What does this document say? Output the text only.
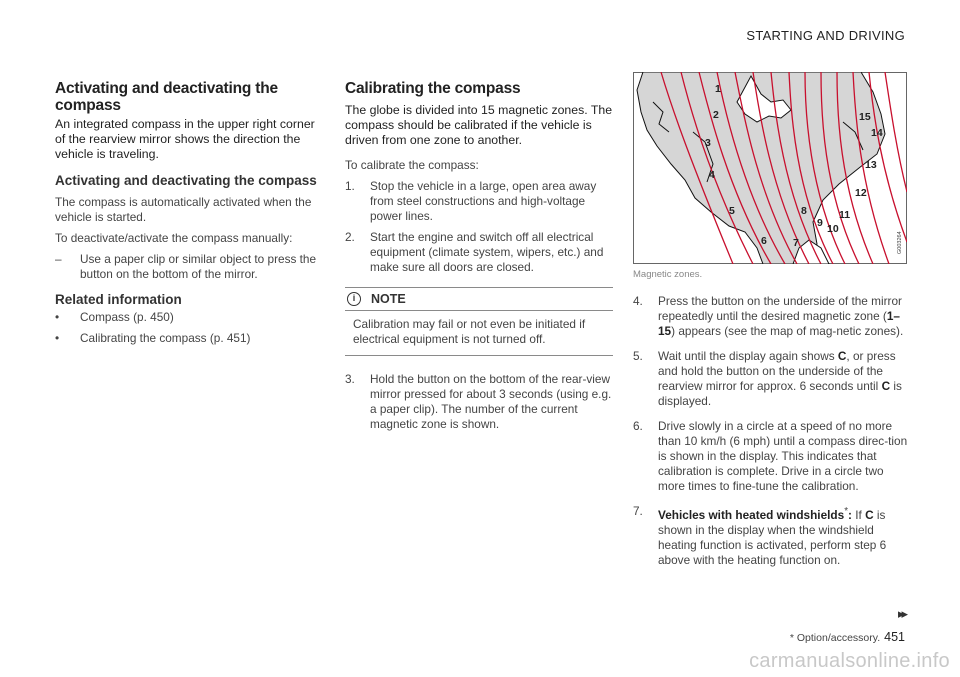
STARTING AND DRIVING
Activating and deactivating the compass
An integrated compass in the upper right corner of the rearview mirror shows the direction the vehicle is traveling.
Activating and deactivating the compass

The compass is automatically activated when the vehicle is started.

To deactivate/activate the compass manually:

–	Use a paper clip or similar object to press the button on the bottom of the mirror.
Related information
•	Compass (p. 450)
•	Calibrating the compass (p. 451)
Calibrating the compass
The globe is divided into 15 magnetic zones. The compass should be calibrated if the vehicle is driven from one zone to another.

To calibrate the compass:

1.	Stop the vehicle in a large, open area away from steel constructions and high-voltage power lines.
2.	Start the engine and switch off all electrical equipment (climate system, wipers, etc.) and make sure all doors are closed.
i	NOTE
Calibration may fail or not even be initiated if electrical equipment is not turned off.
3.	Hold the button on the bottom of the rear-view mirror pressed for about 3 seconds (using e.g. a paper clip). The number of the current magnetic zone is shown.
1
2
3
4
5
6 7
8
9 10
11
12
13
14
15
G003264
Magnetic zones.
4.	Press the button on the underside of the mirror repeatedly until the desired magnetic zone (1–15) appears (see the map of mag-netic zones).
5.	Wait until the display again shows C, or press and hold the button on the underside of the rearview mirror for approx. 6 seconds until C is displayed.
6.	Drive slowly in a circle at a speed of no more than 10 km/h (6 mph) until a compass direc-tion is shown in the display. This indicates that calibration is complete. Drive in a circle two more times to fine-tune the calibration.
7.	Vehicles with heated windshields*: If C is shown in the display when the windshield heating function is activated, perform step 6 above with the heating function on.
▸▸
* Option/accessory. 451
carmanualsonline.info
